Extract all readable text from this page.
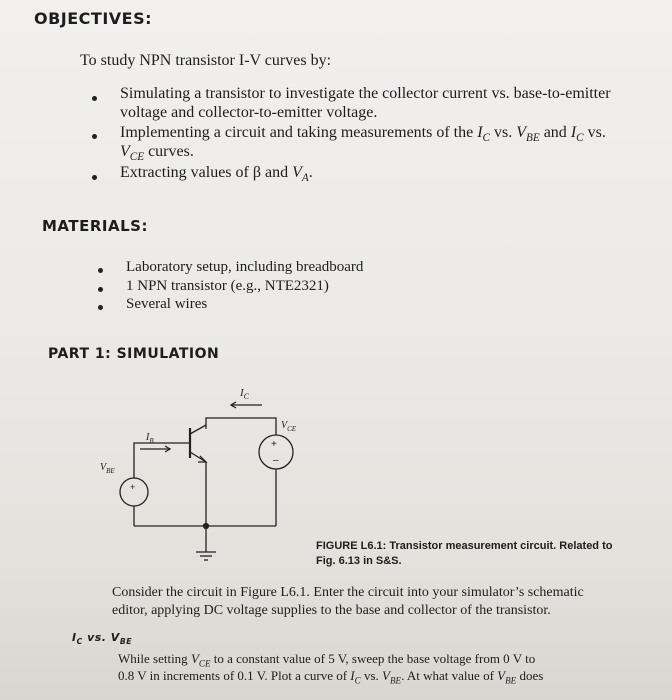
OBJECTIVES:
To study NPN transistor I-V curves by:
Simulating a transistor to investigate the collector current vs. base-to-emitter
voltage and collector-to-emitter voltage.
Implementing a circuit and taking measurements of the $I_C$ vs. $V_{BE}$ and $I_C$ vs.
$V_{CE}$ curves.
Extracting values of β and $V_A$.
MATERIALS:
Laboratory setup, including breadboard
1 NPN transistor (e.g., NTE2321)
Several wires
PART 1: SIMULATION
+
–
+
$I_C$
$I_B$
$V_{CE}$
$V_{BE}$
FIGURE L6.1: Transistor measurement circuit. Related to
Fig. 6.13 in S&S.
Consider the circuit in Figure L6.1. Enter the circuit into your simulator’s schematic
editor, applying DC voltage supplies to the base and collector of the transistor.
$I_C$ vs. $V_{BE}$
While setting $V_{CE}$ to a constant value of 5 V, sweep the base voltage from 0 V to
0.8 V in increments of 0.1 V. Plot a curve of $I_C$ vs. $V_{BE}$. At what value of $V_{BE}$ does
